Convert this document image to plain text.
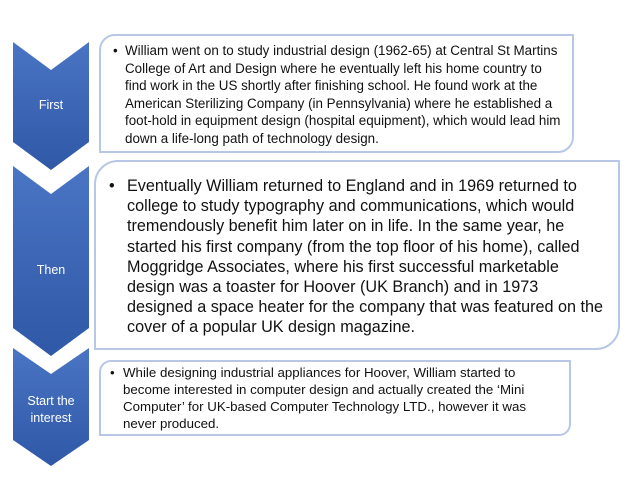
First
• William went on to study industrial design (1962-65) at Central St Martins College of Art and Design where he eventually left his home country to find work in the US shortly after finishing school. He found work at the American Sterilizing Company (in Pennsylvania) where he established a foot-hold in equipment design (hospital equipment), which would lead him down a life-long path of technology design.
Then
• Eventually William returned to England and in 1969 returned to college to study typography and communications, which would tremendously benefit him later on in life. In the same year, he started his first company (from the top floor of his home), called Moggridge Associates, where his first successful marketable design was a toaster for Hoover (UK Branch) and in 1973 designed a space heater for the company that was featured on the cover of a popular UK design magazine.
Start the interest
• While designing industrial appliances for Hoover, William started to become interested in computer design and actually created the ‘Mini Computer’ for UK-based Computer Technology LTD., however it was never produced.
